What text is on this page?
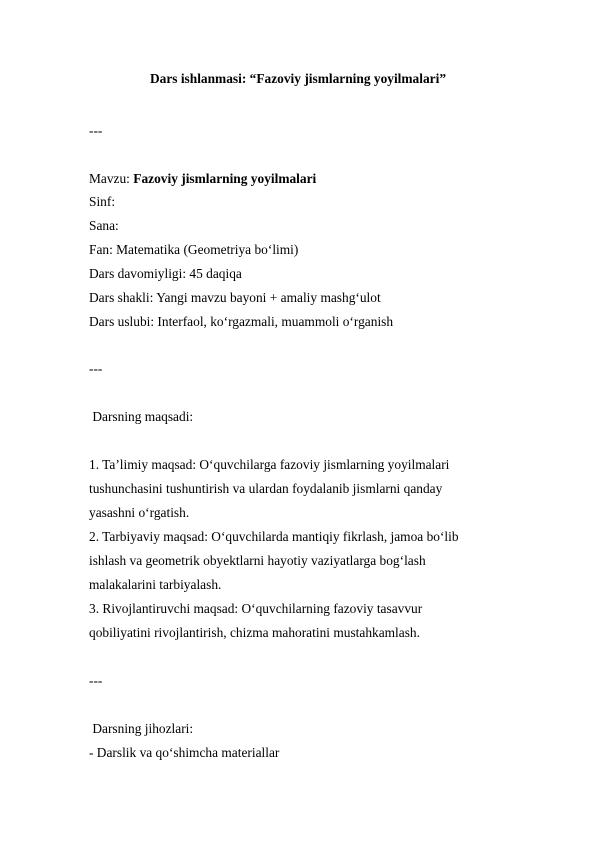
Dars ishlanmasi: “Fazoviy jismlarning yoyilmalari”
---
Mavzu: Fazoviy jismlarning yoyilmalari
Sinf:
Sana:
Fan: Matematika (Geometriya bo‘limi)
Dars davomiyligi: 45 daqiqa
Dars shakli: Yangi mavzu bayoni + amaliy mashg‘ulot
Dars uslubi: Interfaol, ko‘rgazmali, muammoli o‘rganish
---
Darsning maqsadi:
1. Ta’limiy maqsad: O‘quvchilarga fazoviy jismlarning yoyilmalari
tushunchasini tushuntirish va ulardan foydalanib jismlarni qanday
yasashni o‘rgatish.
2. Tarbiyaviy maqsad: O‘quvchilarda mantiqiy fikrlash, jamoa bo‘lib
ishlash va geometrik obyektlarni hayotiy vaziyatlarga bog‘lash
malakalarini tarbiyalash.
3. Rivojlantiruvchi maqsad: O‘quvchilarning fazoviy tasavvur
qobiliyatini rivojlantirish, chizma mahoratini mustahkamlash.
---
Darsning jihozlari:
- Darslik va qo‘shimcha materiallar
